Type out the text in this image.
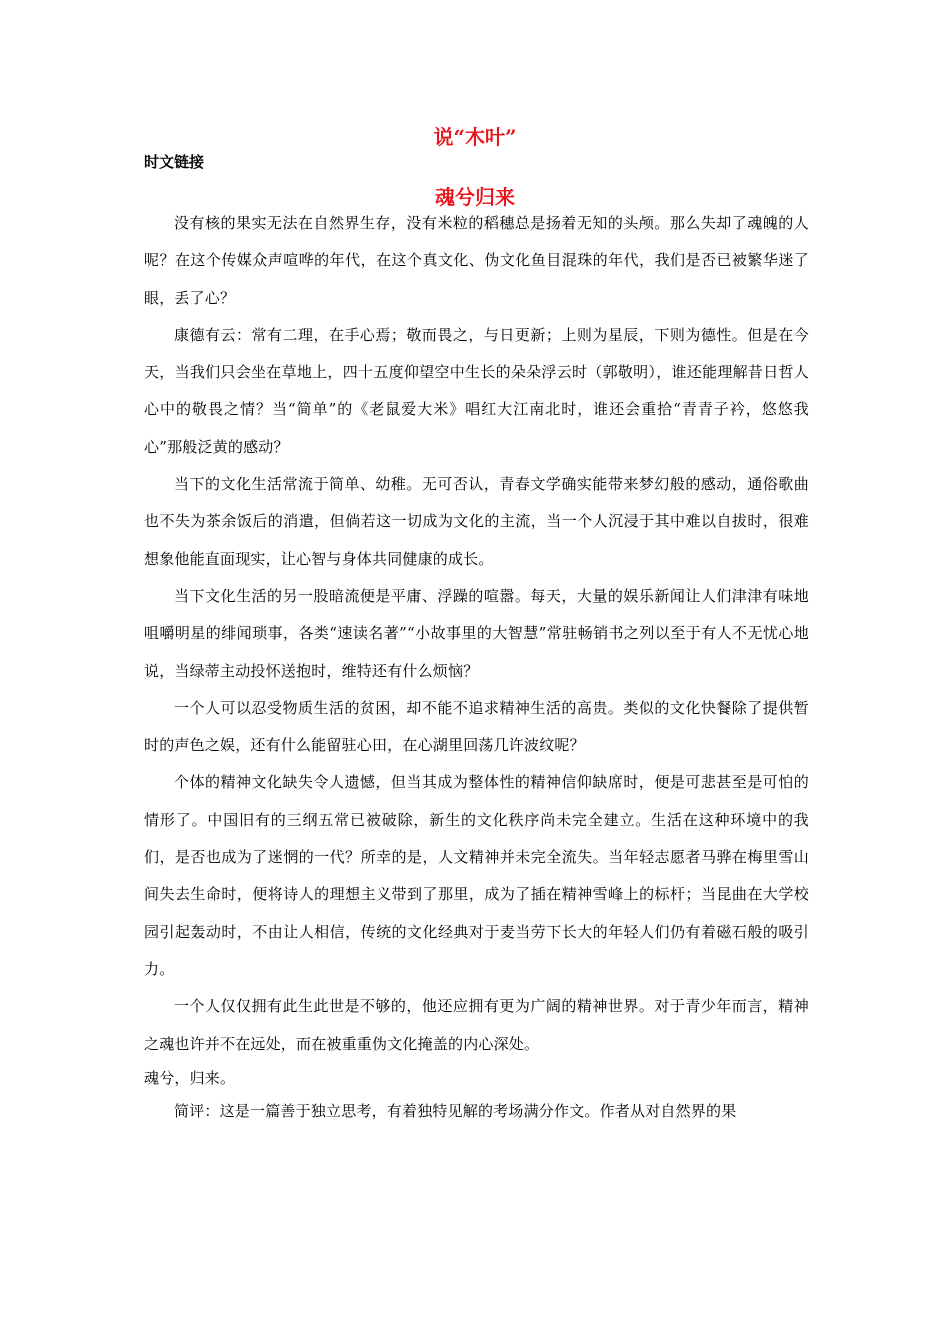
说“木叶”
时文链接
魂兮归来

没有核的果实无法在自然界生存，没有米粒的稻穗总是扬着无知的头颅。那么失却了魂魄的人呢？在这个传媒众声喧哗的年代，在这个真文化、伪文化鱼目混珠的年代，我们是否已被繁华迷了眼，丢了心？

康德有云：常有二理，在手心焉；敬而畏之，与日更新；上则为星辰，下则为德性。但是在今天，当我们只会坐在草地上，四十五度仰望空中生长的朵朵浮云时（郭敬明），谁还能理解昔日哲人心中的敬畏之情？当“简单”的《老鼠爱大米》唱红大江南北时，谁还会重拾“青青子衿，悠悠我心”那般泛黄的感动？

当下的文化生活常流于简单、幼稚。无可否认，青春文学确实能带来梦幻般的感动，通俗歌曲也不失为茶余饭后的消遣，但倘若这一切成为文化的主流，当一个人沉浸于其中难以自拔时，很难想象他能直面现实，让心智与身体共同健康的成长。

当下文化生活的另一股暗流便是平庸、浮躁的喧嚣。每天，大量的娱乐新闻让人们津津有味地咀嚼明星的绯闻琐事，各类“速读名著”“小故事里的大智慧”常驻畅销书之列以至于有人不无忧心地说，当绿蒂主动投怀送抱时，维特还有什么烦恼？

一个人可以忍受物质生活的贫困，却不能不追求精神生活的高贵。类似的文化快餐除了提供暂时的声色之娱，还有什么能留驻心田，在心湖里回荡几许波纹呢？

个体的精神文化缺失令人遗憾，但当其成为整体性的精神信仰缺席时，便是可悲甚至是可怕的情形了。中国旧有的三纲五常已被破除，新生的文化秩序尚未完全建立。生活在这种环境中的我们，是否也成为了迷惘的一代？所幸的是，人文精神并未完全流失。当年轻志愿者马骅在梅里雪山间失去生命时，便将诗人的理想主义带到了那里，成为了插在精神雪峰上的标杆；当昆曲在大学校园引起轰动时，不由让人相信，传统的文化经典对于麦当劳下长大的年轻人们仍有着磁石般的吸引力。

一个人仅仅拥有此生此世是不够的，他还应拥有更为广阔的精神世界。对于青少年而言，精神之魂也许并不在远处，而在被重重伪文化掩盖的内心深处。

魂兮，归来。

简评：这是一篇善于独立思考，有着独特见解的考场满分作文。作者从对自然界的果
